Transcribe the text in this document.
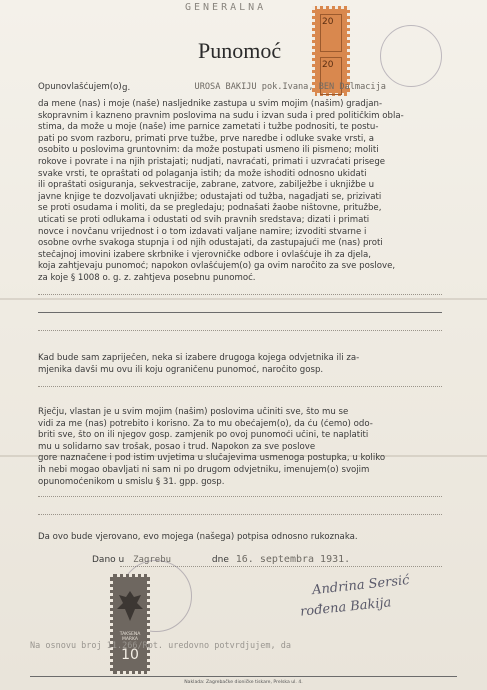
GENERALNA
Punomoć
20
20
Opunovlašćujem(o)	UROŠA BAKIJU pok.Ivana, BEN Dalmacija
g.
da mene (nas) i moje (naše) nasljednike zastupa u svim mojim (našim) gradjan-
skopravnim i kazneno pravnim poslovima na sudu i izvan suda i pred političkim obla-
stima, da može u moje (naše) ime parnice zametati i tužbe podnositi, te postu-
pati po svom razboru, primati prve tužbe, prve naredbe i odluke svake vrsti, a
osobito u poslovima gruntovnim: da može postupati usmeno ili pismeno; moliti
rokove i povrate i na njih pristajati; nudjati, navraćati, primati i uzvraćati prisege
svake vrsti, te opraštati od polaganja istih; da može ishoditi odnosno ukidati
ili opraštati osiguranja, sekvestracije, zabrane, zatvore, zabilježbe i uknjižbe u
javne knjige te dozvoljavati uknjižbe; odustajati od tužba, nagadjati se, prizivati
se proti osudama i moliti, da se pregledaju; podnašati žaobe ništovne, pritužbe,
uticati se proti odlukama i odustati od svih pravnih sredstava; dizati i primati
novce i novčanu vrijednost i o tom izdavati valjane namire; izvoditi stvarne i
osobne ovrhe svakoga stupnja i od njih odustajati, da zastupajući me (nas) proti
stečajnoj imovini izabere skrbnike i vjerovničke odbore i ovlašćuje ih za djela,
koja zahtjevaju punomoć; napokon ovlašćujem(o) ga ovim naročito za sve poslove,
za koje § 1008 o. g. z. zahtjeva posebnu punomoć.
Kad bude sam zapriječen, neka si izabere drugoga kojega odvjetnika ili za-
mjenika davši mu ovu ili koju ograničenu punomoć, naročito gosp.
Rječju, vlastan je u svim mojim (našim) poslovima učiniti sve, što mu se
vidi za me (nas) potrebito i korisno. Za to mu obećajem(o), da ću (ćemo) odo-
briti sve, što on ili njegov gosp. zamjenik po ovoj punomoći učini, te naplatiti
mu u solidarno sav trošak, posao i trud. Napokon za sve poslove
gore naznačene i pod istim uvjetima u slučajevima usmenoga postupka, u koliko
ih nebi mogao obavljati ni sam ni po drugom odvjetniku, imenujem(o) svojim
opunomoćenikom u smislu § 31. gpp. gosp.
Da ovo bude vjerovano, evo mojega (našega) potpisa odnosno rukoznaka.
Dano u Zagrebu	dne 16. septembra 1931.
Andrina Sersić
rođena Bakija
TAKSENA MARKA
10
Na osnovu broj 11.266/Rpt. uredovno potvrdjujem, da
Naklada: Zagrebačke dioničke tiskare, Prelska ul. 4.
